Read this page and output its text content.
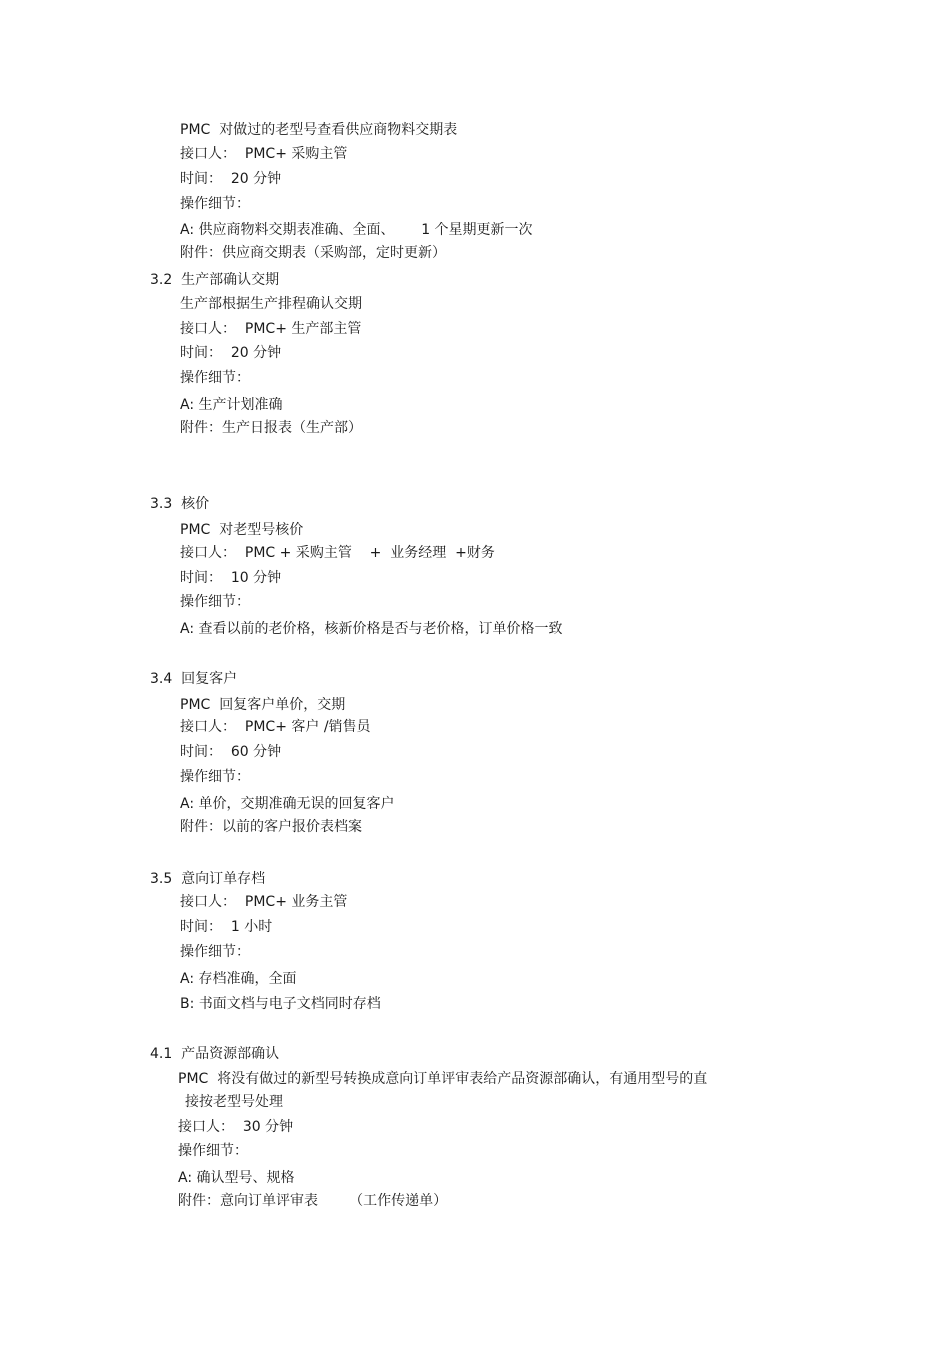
PMC  对做过的老型号查看供应商物料交期表
接口人：  PMC+ 采购主管
时间：  20 分钟
操作细节：
A: 供应商物料交期表准确、全面、      1 个星期更新一次
附件：供应商交期表（采购部，定时更新）
3.2  生产部确认交期
生产部根据生产排程确认交期
接口人：  PMC+ 生产部主管
时间：  20 分钟
操作细节：
A: 生产计划准确
附件：生产日报表（生产部）
3.3  核价
PMC  对老型号核价
接口人：  PMC + 采购主管    +  业务经理  +财务
时间：  10 分钟
操作细节：
A: 查看以前的老价格，核新价格是否与老价格，订单价格一致
3.4  回复客户
PMC  回复客户单价，交期
接口人：  PMC+ 客户 /销售员
时间：  60 分钟
操作细节：
A: 单价，交期准确无误的回复客户
附件：以前的客户报价表档案
3.5  意向订单存档
接口人：  PMC+ 业务主管
时间：  1 小时
操作细节：
A: 存档准确，全面
B: 书面文档与电子文档同时存档
4.1  产品资源部确认
PMC  将没有做过的新型号转换成意向订单评审表给产品资源部确认，有通用型号的直
接按老型号处理
接口人：  30 分钟
操作细节：
A: 确认型号、规格
附件：意向订单评审表       （工作传递单）
